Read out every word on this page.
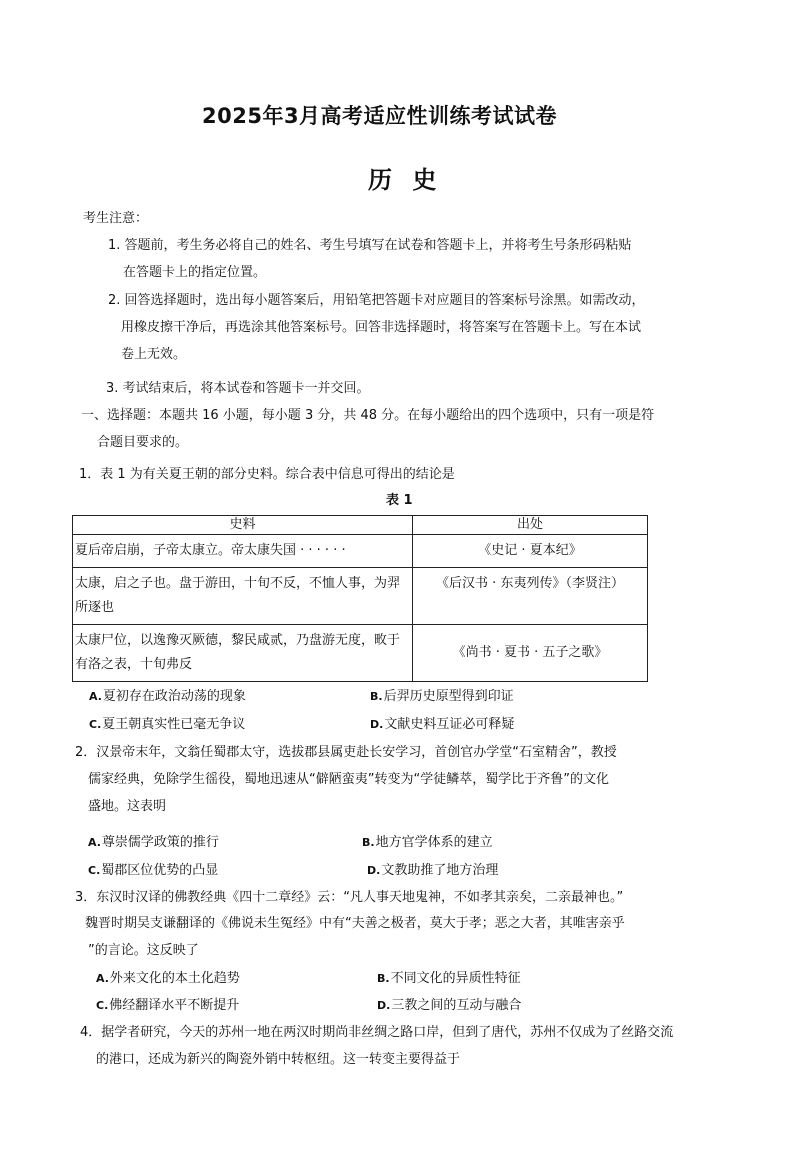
2025年3月高考适应性训练考试试卷
历 史
考生注意：
1. 答题前，考生务必将自己的姓名、考生号填写在试卷和答题卡上，并将考生号条形码粘贴
在答题卡上的指定位置。
2. 回答选择题时，选出每小题答案后，用铅笔把答题卡对应题目的答案标号涂黑。如需改动，
用橡皮擦干净后，再选涂其他答案标号。回答非选择题时，将答案写在答题卡上。写在本试
卷上无效。
3. 考试结束后，将本试卷和答题卡一并交回。
一、选择题：本题共 16 小题，每小题 3 分，共 48 分。在每小题给出的四个选项中，只有一项是符
合题目要求的。
1．表 1 为有关夏王朝的部分史料。综合表中信息可得出的结论是
表 1
史料	出处
夏后帝启崩，子帝太康立。帝太康失国 · · · · · ·	《史记 · 夏本纪》
太康，启之子也。盘于游田，十旬不反，不恤人事，为羿所逐也	《后汉书 · 东夷列传》（李贤注）
太康尸位，以逸豫灭厥德，黎民咸贰，乃盘游无度，畋于有洛之表，十旬弗反	《尚书 · 夏书 · 五子之歌》
A.夏初存在政治动荡的现象	B.后羿历史原型得到印证
C.夏王朝真实性已毫无争议	D.文献史料互证必可释疑
2．汉景帝末年，文翁任蜀郡太守，选拔郡县属吏赴长安学习，首创官办学堂“石室精舍”，教授
儒家经典，免除学生徭役，蜀地迅速从“僻陋蛮夷”转变为“学徒鳞萃，蜀学比于齐鲁”的文化
盛地。这表明
A.尊崇儒学政策的推行	B.地方官学体系的建立
C.蜀郡区位优势的凸显	D.文教助推了地方治理
3．东汉时汉译的佛教经典《四十二章经》云：“凡人事天地鬼神，不如孝其亲矣，二亲最神也。”
魏晋时期吴支谦翻译的《佛说未生冤经》中有“夫善之极者，莫大于孝；恶之大者，其唯害亲乎
”的言论。这反映了
A.外来文化的本土化趋势	B.不同文化的异质性特征
C.佛经翻译水平不断提升	D.三教之间的互动与融合
4．据学者研究，今天的苏州一地在两汉时期尚非丝绸之路口岸，但到了唐代，苏州不仅成为了丝路交流
的港口，还成为新兴的陶瓷外销中转枢纽。这一转变主要得益于
